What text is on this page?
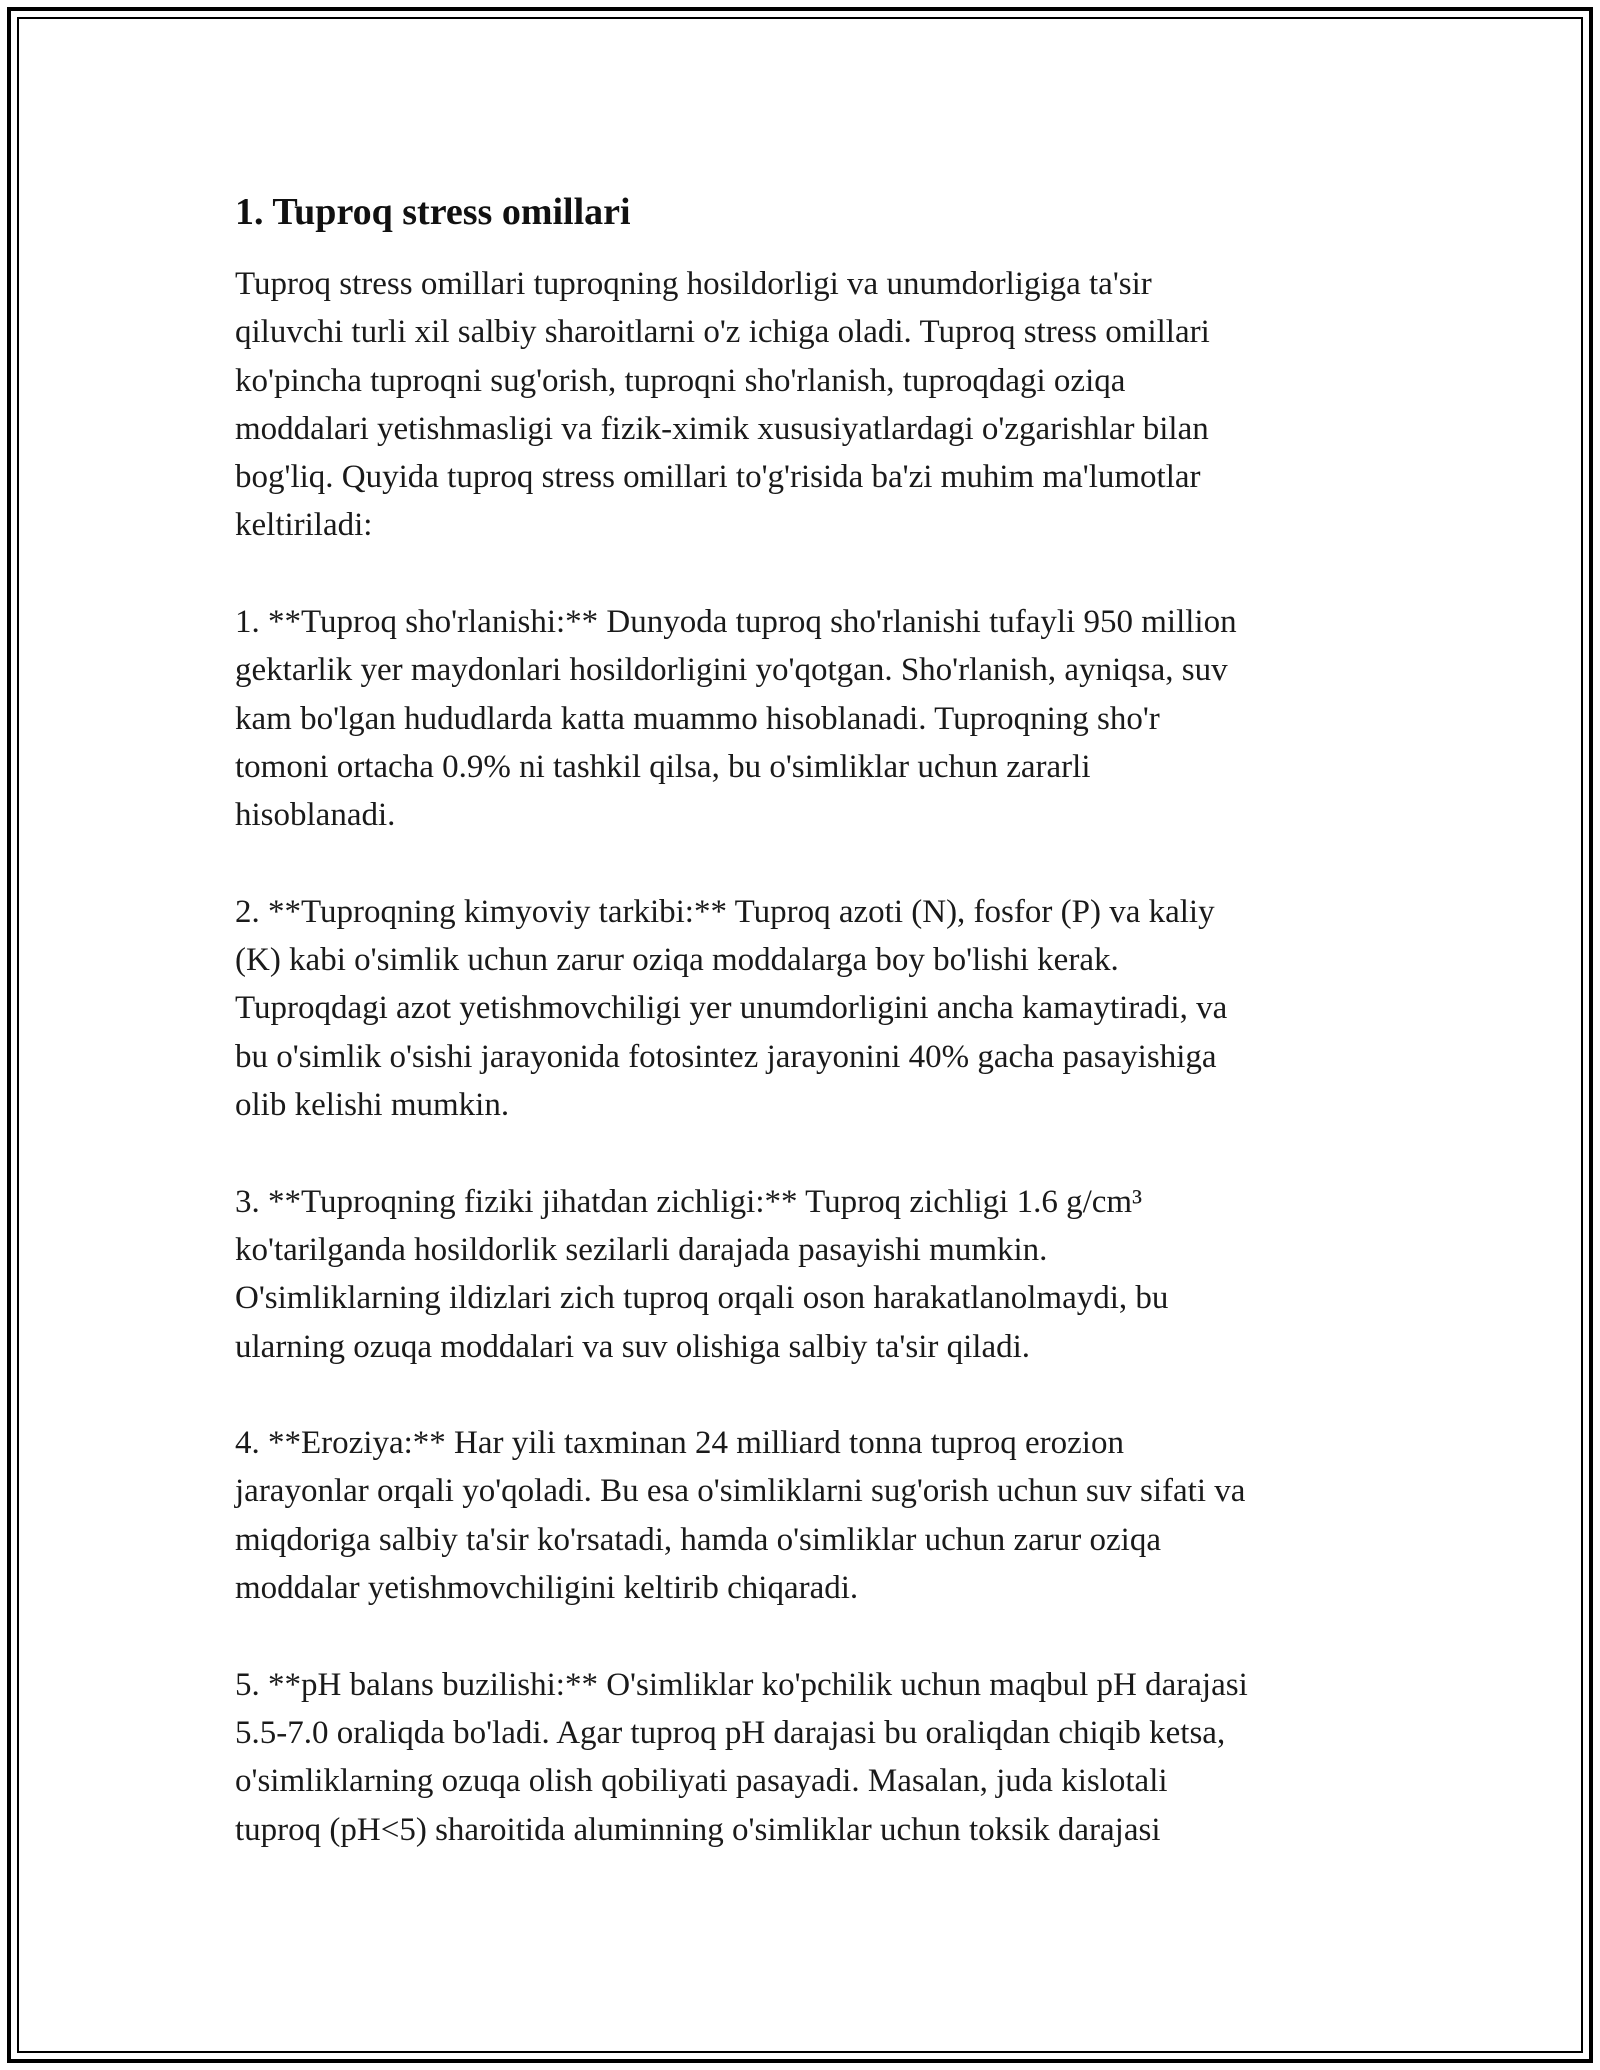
1. Tuproq stress omillari
Tuproq stress omillari tuproqning hosildorligi va unumdorligiga ta'sir
qiluvchi turli xil salbiy sharoitlarni o'z ichiga oladi. Tuproq stress omillari
ko'pincha tuproqni sug'orish, tuproqni sho'rlanish, tuproqdagi oziqa
moddalari yetishmasligi va fizik-ximik xususiyatlardagi o'zgarishlar bilan
bog'liq. Quyida tuproq stress omillari to'g'risida ba'zi muhim ma'lumotlar
keltiriladi:
1. **Tuproq sho'rlanishi:** Dunyoda tuproq sho'rlanishi tufayli 950 million
gektarlik yer maydonlari hosildorligini yo'qotgan. Sho'rlanish, ayniqsa, suv
kam bo'lgan hududlarda katta muammo hisoblanadi. Tuproqning sho'r
tomoni ortacha 0.9% ni tashkil qilsa, bu o'simliklar uchun zararli
hisoblanadi.
2. **Tuproqning kimyoviy tarkibi:** Tuproq azoti (N), fosfor (P) va kaliy
(K) kabi o'simlik uchun zarur oziqa moddalarga boy bo'lishi kerak.
Tuproqdagi azot yetishmovchiligi yer unumdorligini ancha kamaytiradi, va
bu o'simlik o'sishi jarayonida fotosintez jarayonini 40% gacha pasayishiga
olib kelishi mumkin.
3. **Tuproqning fiziki jihatdan zichligi:** Tuproq zichligi 1.6 g/cm³
ko'tarilganda hosildorlik sezilarli darajada pasayishi mumkin.
O'simliklarning ildizlari zich tuproq orqali oson harakatlanolmaydi, bu
ularning ozuqa moddalari va suv olishiga salbiy ta'sir qiladi.
4. **Eroziya:** Har yili taxminan 24 milliard tonna tuproq erozion
jarayonlar orqali yo'qoladi. Bu esa o'simliklarni sug'orish uchun suv sifati va
miqdoriga salbiy ta'sir ko'rsatadi, hamda o'simliklar uchun zarur oziqa
moddalar yetishmovchiligini keltirib chiqaradi.
5. **pH balans buzilishi:** O'simliklar ko'pchilik uchun maqbul pH darajasi
5.5-7.0 oraliqda bo'ladi. Agar tuproq pH darajasi bu oraliqdan chiqib ketsa,
o'simliklarning ozuqa olish qobiliyati pasayadi. Masalan, juda kislotali
tuproq (pH<5) sharoitida aluminning o'simliklar uchun toksik darajasi
